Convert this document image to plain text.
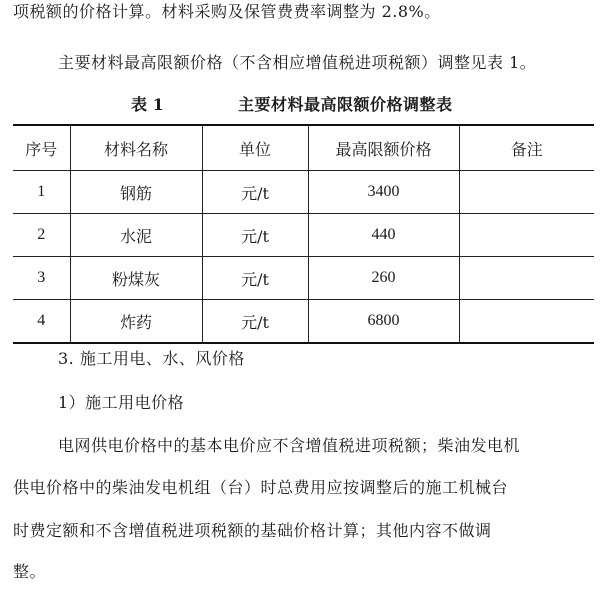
项税额的价格计算。材料采购及保管费费率调整为 2.8%。
主要材料最高限额价格（不含相应增值税进项税额）调整见表 1。
表 1	主要材料最高限额价格调整表
序号	材料名称	单位	最高限额价格	备注
1	钢筋	元/t	3400	
2	水泥	元/t	440	
3	粉煤灰	元/t	260	
4	炸药	元/t	6800	
3. 施工用电、水、风价格
1）施工用电价格
电网供电价格中的基本电价应不含增值税进项税额；柴油发电机
供电价格中的柴油发电机组（台）时总费用应按调整后的施工机械台
时费定额和不含增值税进项税额的基础价格计算；其他内容不做调
整。
